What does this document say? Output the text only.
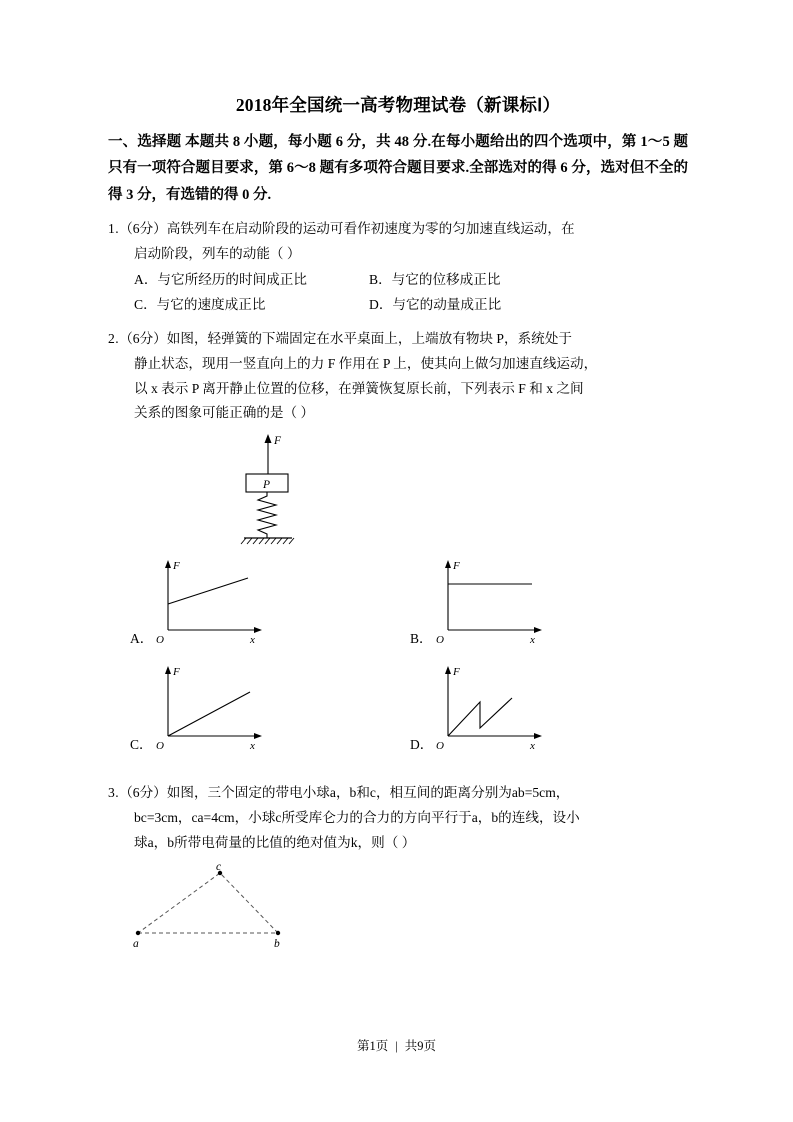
2018年全国统一高考物理试卷（新课标Ⅰ）
一、选择题 本题共 8 小题，每小题 6 分，共 48 分.在每小题给出的四个选项中，第 1～5 题只有一项符合题目要求，第 6～8 题有多项符合题目要求.全部选对的得 6 分，选对但不全的得 3 分，有选错的得 0 分.
1.（6分）高铁列车在启动阶段的运动可看作初速度为零的匀加速直线运动，在
启动阶段，列车的动能（ ）
A．与它所经历的时间成正比	B．与它的位移成正比
C．与它的速度成正比	D．与它的动量成正比
2.（6分）如图，轻弹簧的下端固定在水平桌面上，上端放有物块 P，系统处于
静止状态，现用一竖直向上的力 F 作用在 P 上，使其向上做匀加速直线运动，
以 x 表示 P 离开静止位置的位移，在弹簧恢复原长前，下列表示 F 和 x 之间
关系的图象可能正确的是（ ）
F
P
F
x
O
A．
F
x
O
B．
F
x
O
C．
F
x
O
D．
3.（6分）如图，三个固定的带电小球a，b和c，相互间的距离分别为ab=5cm，
bc=3cm，ca=4cm，小球c所受库仑力的合力的方向平行于a，b的连线，设小
球a，b所带电荷量的比值的绝对值为k，则（ ）
a	b
c
第1页 | 共9页
